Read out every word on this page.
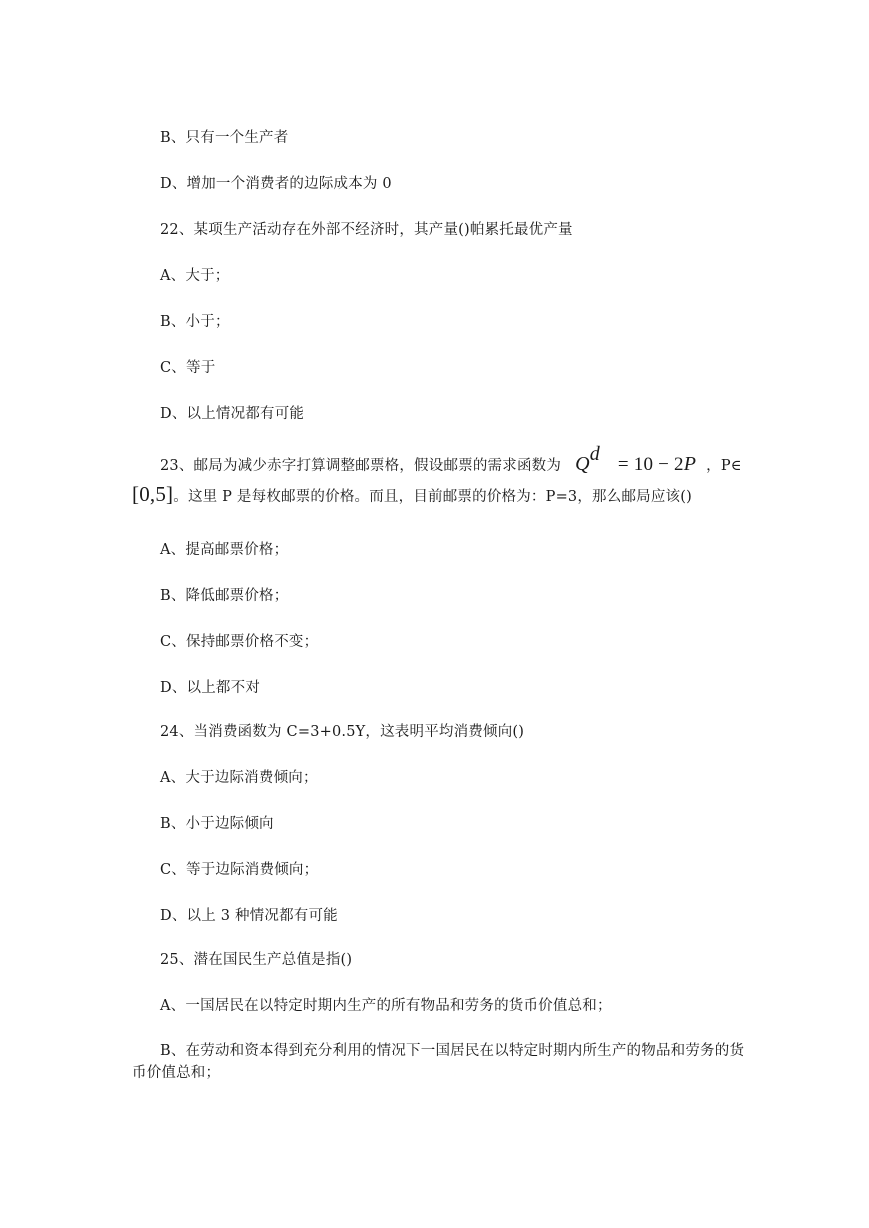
B、只有一个生产者
D、增加一个消费者的边际成本为 0
22、某项生产活动存在外部不经济时，其产量()帕累托最优产量
A、大于；
B、小于；
C、等于
D、以上情况都有可能
23、邮局为减少赤字打算调整邮票格，假设邮票的需求函数为 $Q^d = 10 - 2P$ ，P∈
[0,5]。这里 P 是每枚邮票的价格。而且，目前邮票的价格为：P=3，那么邮局应该()
A、提高邮票价格；
B、降低邮票价格；
C、保持邮票价格不变；
D、以上都不对
24、当消费函数为 C=3+0.5Y，这表明平均消费倾向()
A、大于边际消费倾向；
B、小于边际倾向
C、等于边际消费倾向；
D、以上 3 种情况都有可能
25、潜在国民生产总值是指()
A、一国居民在以特定时期内生产的所有物品和劳务的货币价值总和；
B、在劳动和资本得到充分利用的情况下一国居民在以特定时期内所生产的物品和劳务的货币价值总和；
